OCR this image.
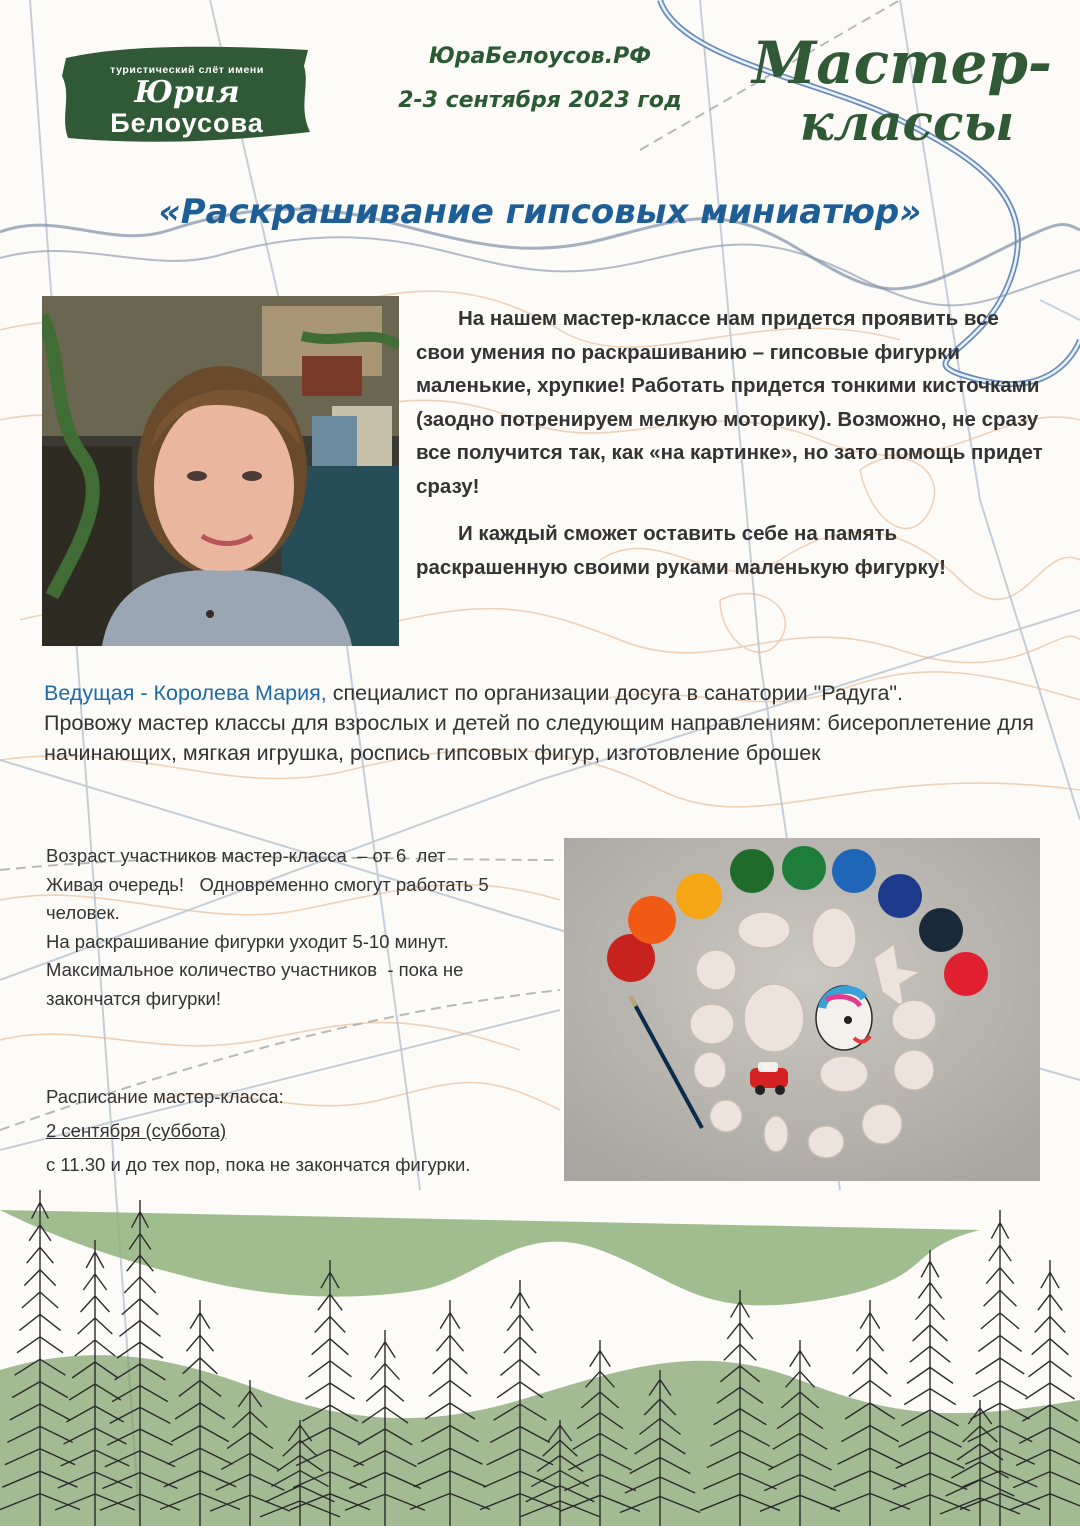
туристический слёт имени
Юрия
Белоусова
ЮраБелоусов.РФ
2-3 сентября 2023 год
Мастер-
классы
«Раскрашивание гипсовых миниатюр»

На нашем мастер-классе нам придется проявить все свои умения по раскрашиванию – гипсовые фигурки маленькие, хрупкие! Работать придется тонкими кисточками (заодно потренируем мелкую моторику). Возможно, не сразу все получится так, как «на картинке», но зато помощь придет сразу!

И каждый сможет оставить себе на память раскрашенную своими руками маленькую фигурку!

Ведущая - Королева Мария, специалист по организации досуга в санатории "Радуга".
Провожу мастер классы для взрослых и детей по следующим направлениям: бисероплетение для начинающих, мягкая игрушка, роспись гипсовых фигур, изготовление брошек
Возраст участников мастер-класса  – от 6  лет
Живая очередь!   Одновременно смогут работать 5
человек.
На раскрашивание фигурки уходит 5-10 минут.
Максимальное количество участников  - пока не
закончатся фигурки!
Расписание мастер-класса:
2 сентября (суббота)
с 11.30 и до тех пор, пока не закончатся фигурки.
